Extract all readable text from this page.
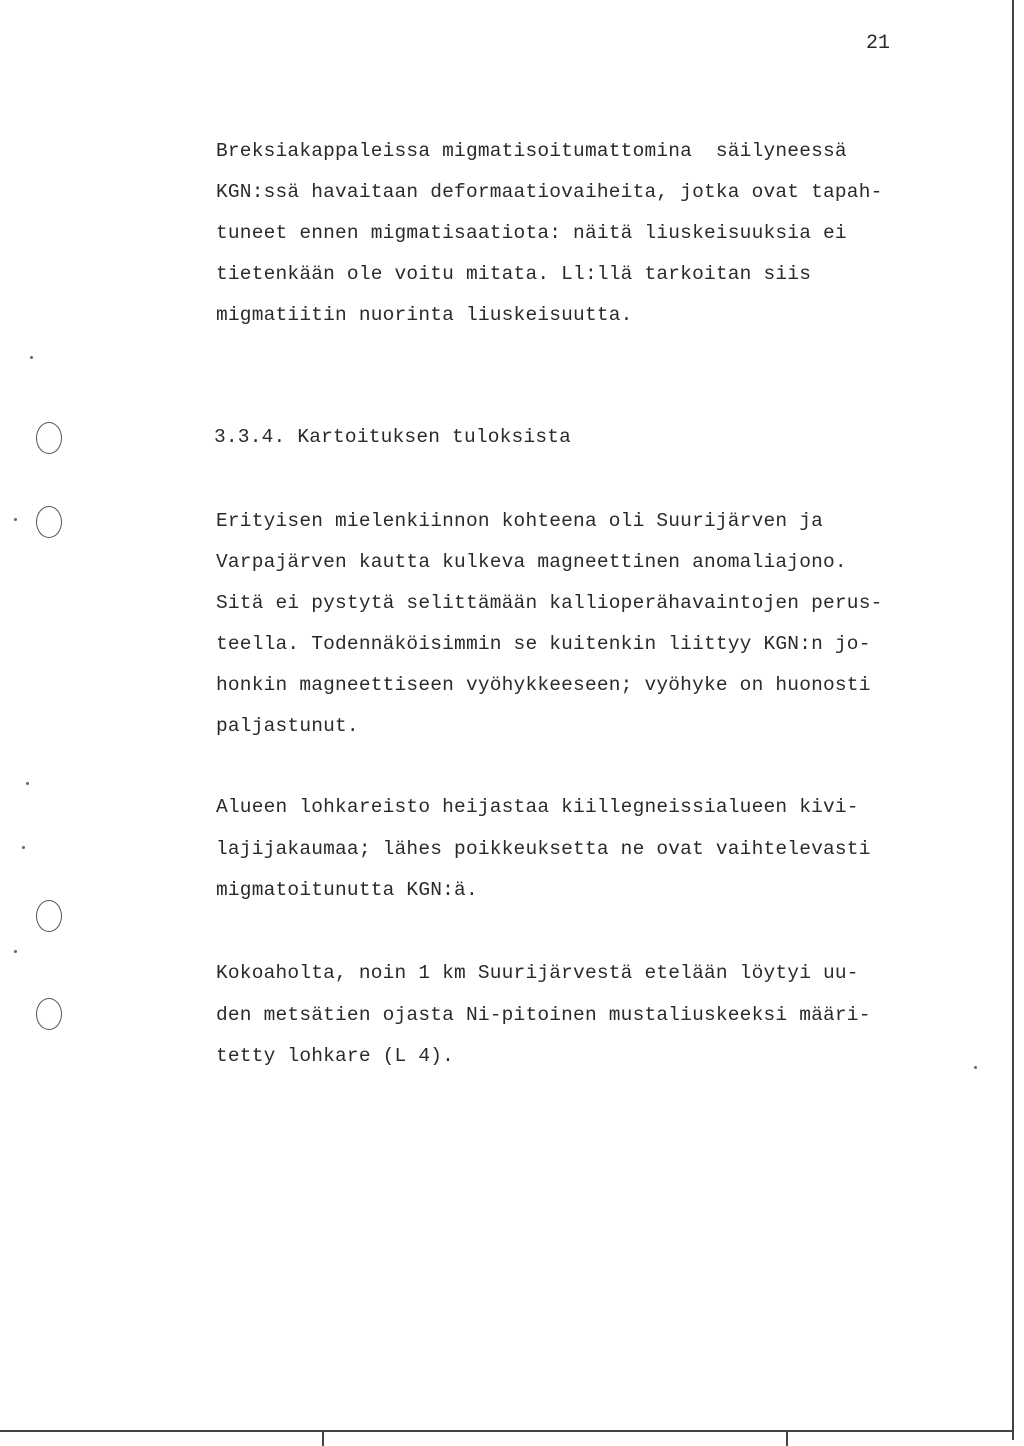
21
Breksiakappaleissa migmatisoitumattomina  säilyneessä
KGN:ssä havaitaan deformaatiovaiheita, jotka ovat tapah-
tuneet ennen migmatisaatiota: näitä liuskeisuuksia ei
tietenkään ole voitu mitata. Ll:llä tarkoitan siis
migmatiitin nuorinta liuskeisuutta.
3.3.4. Kartoituksen tuloksista
Erityisen mielenkiinnon kohteena oli Suurijärven ja
Varpajärven kautta kulkeva magneettinen anomaliajono.
Sitä ei pystytä selittämään kallioperähavaintojen perus-
teella. Todennäköisimmin se kuitenkin liittyy KGN:n jo-
honkin magneettiseen vyöhykkeeseen; vyöhyke on huonosti
paljastunut.
Alueen lohkareisto heijastaa kiillegneissialueen kivi-
lajijakaumaa; lähes poikkeuksetta ne ovat vaihtelevasti
migmatoitunutta KGN:ä.
Kokoaholta, noin 1 km Suurijärvestä etelään löytyi uu-
den metsätien ojasta Ni-pitoinen mustaliuskeeksi määri-
tetty lohkare (L 4).
